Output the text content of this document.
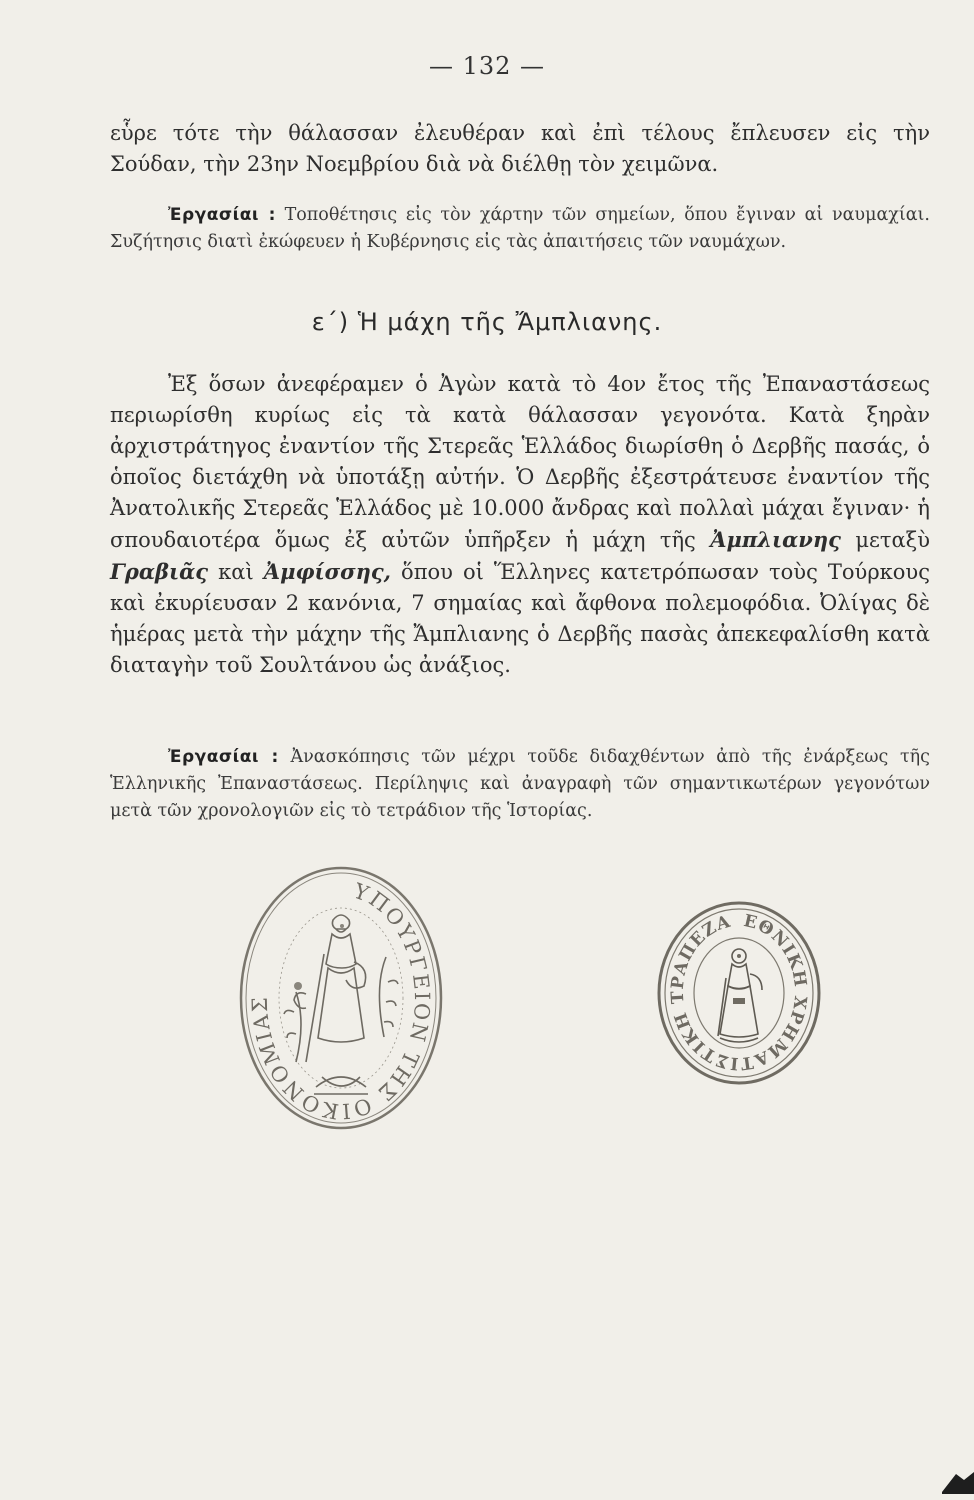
— 132 —

εὗρε τότε τὴν θάλασσαν ἐλευθέραν καὶ ἐπὶ τέλους ἔπλευσεν εἰς τὴν Σούδαν, τὴν 23ην Νοεμβρίου διὰ νὰ διέλθῃ τὸν χειμῶνα.

Ἐργασίαι : Τοποθέτησις εἰς τὸν χάρτην τῶν σημείων, ὅπου ἔγιναν αἱ ναυμαχίαι. Συζήτησις διατὶ ἐκώφευεν ἡ Κυβέρνησις εἰς τὰς ἀπαιτήσεις τῶν ναυμάχων.

ε΄) Ἡ μάχη τῆς Ἄμπλιανης.

Ἐξ ὅσων ἀνεφέραμεν ὁ Ἀγὼν κατὰ τὸ 4ον ἔτος τῆς Ἐπαναστάσεως περιωρίσθη κυρίως εἰς τὰ κατὰ θάλασσαν γεγονότα. Κατὰ ξηρὰν ἀρχιστράτηγος ἐναντίον τῆς Στερεᾶς Ἑλλάδος διωρίσθη ὁ Δερβῆς πασάς, ὁ ὁποῖος διετάχθη νὰ ὑποτάξῃ αὐτήν. Ὁ Δερβῆς ἐξεστράτευσε ἐναντίον τῆς Ἀνατολικῆς Στερεᾶς Ἑλλάδος μὲ 10.000 ἄνδρας καὶ πολλαὶ μάχαι ἔγιναν· ἡ σπουδαιοτέρα ὅμως ἐξ αὐτῶν ὑπῆρξεν ἡ μάχη τῆς Ἀμπλιανης μεταξὺ Γραβιᾶς καὶ Ἀμφίσσης, ὅπου οἱ Ἕλληνες κατετρόπωσαν τοὺς Τούρκους καὶ ἐκυρίευσαν 2 κανόνια, 7 σημαίας καὶ ἄφθονα πολεμοφόδια. Ὀλίγας δὲ ἡμέρας μετὰ τὴν μάχην τῆς Ἄμπλιανης ὁ Δερβῆς πασὰς ἀπεκεφαλίσθη κατὰ διαταγὴν τοῦ Σουλτάνου ὡς ἀνάξιος.

Ἐργασίαι : Ἀνασκόπησις τῶν μέχρι τοῦδε διδαχθέντων ἀπὸ τῆς ἐνάρξεως τῆς Ἑλληνικῆς Ἐπαναστάσεως. Περίληψις καὶ ἀναγραφὴ τῶν σημαντικωτέρων γεγονότων μετὰ τῶν χρονολογιῶν εἰς τὸ τετράδιον τῆς Ἱστορίας.

ΥΠΟΥΡΓΕΙΟΝ ΤΗΣ ΟΙΚΟΝΟΜΙΑΣ
ΕΘΝΙΚΗ ΧΡΗΜΑΤΙΣΤΙΚΗ ΤΡΑΠΕΖΑ
